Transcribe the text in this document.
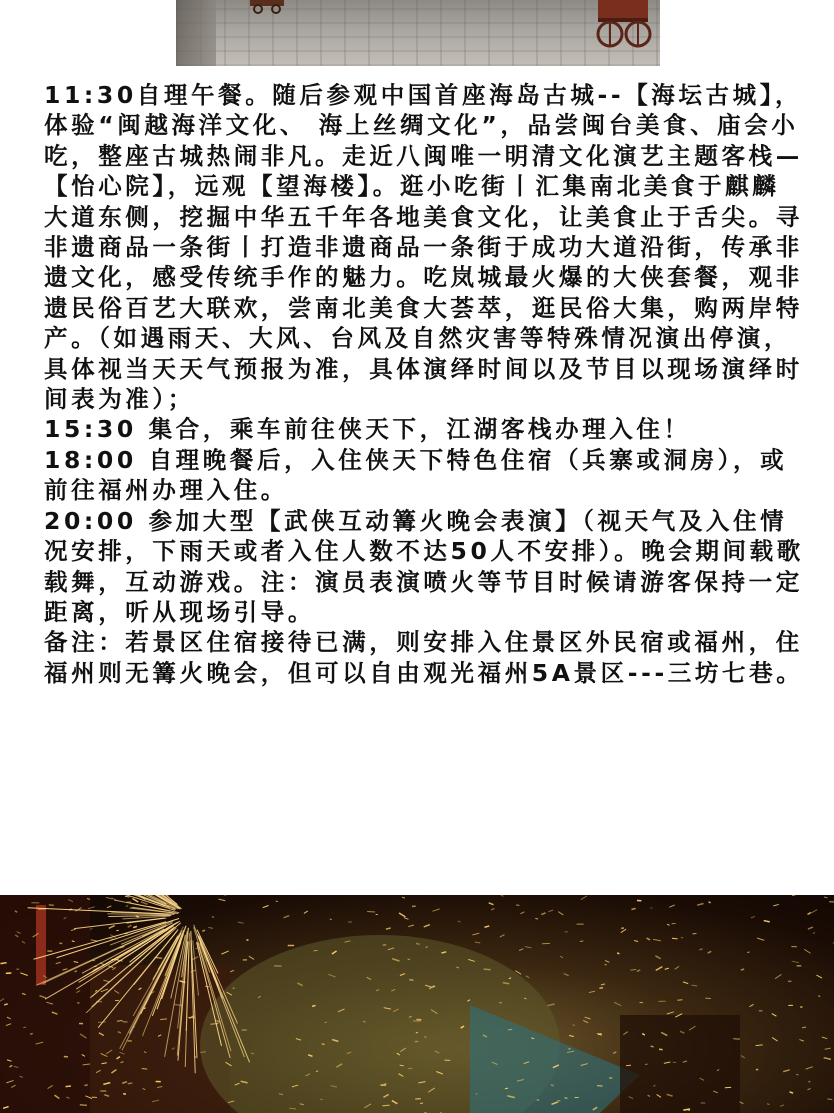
11:30自理午餐。随后参观中国首座海岛古城--【海坛古城】，体验“闽越海洋文化、 海上丝绸文化”，品尝闽台美食、庙会小吃，整座古城热闹非凡。走近八闽唯一明清文化演艺主题客栈—【怡心院】，远观【望海楼】。逛小吃街丨汇集南北美食于麒麟大道东侧，挖掘中华五千年各地美食文化，让美食止于舌尖。寻非遗商品一条街丨打造非遗商品一条街于成功大道沿街，传承非遗文化，感受传统手作的魅力。吃岚城最火爆的大侠套餐，观非遗民俗百艺大联欢，尝南北美食大荟萃，逛民俗大集，购两岸特产。（如遇雨天、大风、台风及自然灾害等特殊情况演出停演，具体视当天天气预报为准，具体演绎时间以及节目以现场演绎时间表为准）；

15:30 集合，乘车前往侠天下，江湖客栈办理入住！

18:00 自理晚餐后，入住侠天下特色住宿（兵寨或洞房），或前往福州办理入住。

20:00 参加大型【武侠互动篝火晚会表演】（视天气及入住情况安排，下雨天或者入住人数不达50人不安排）。晚会期间载歌载舞，互动游戏。注：演员表演喷火等节目时候请游客保持一定距离，听从现场引导。

备注：若景区住宿接待已满，则安排入住景区外民宿或福州，住福州则无篝火晚会，但可以自由观光福州5A景区---三坊七巷。
